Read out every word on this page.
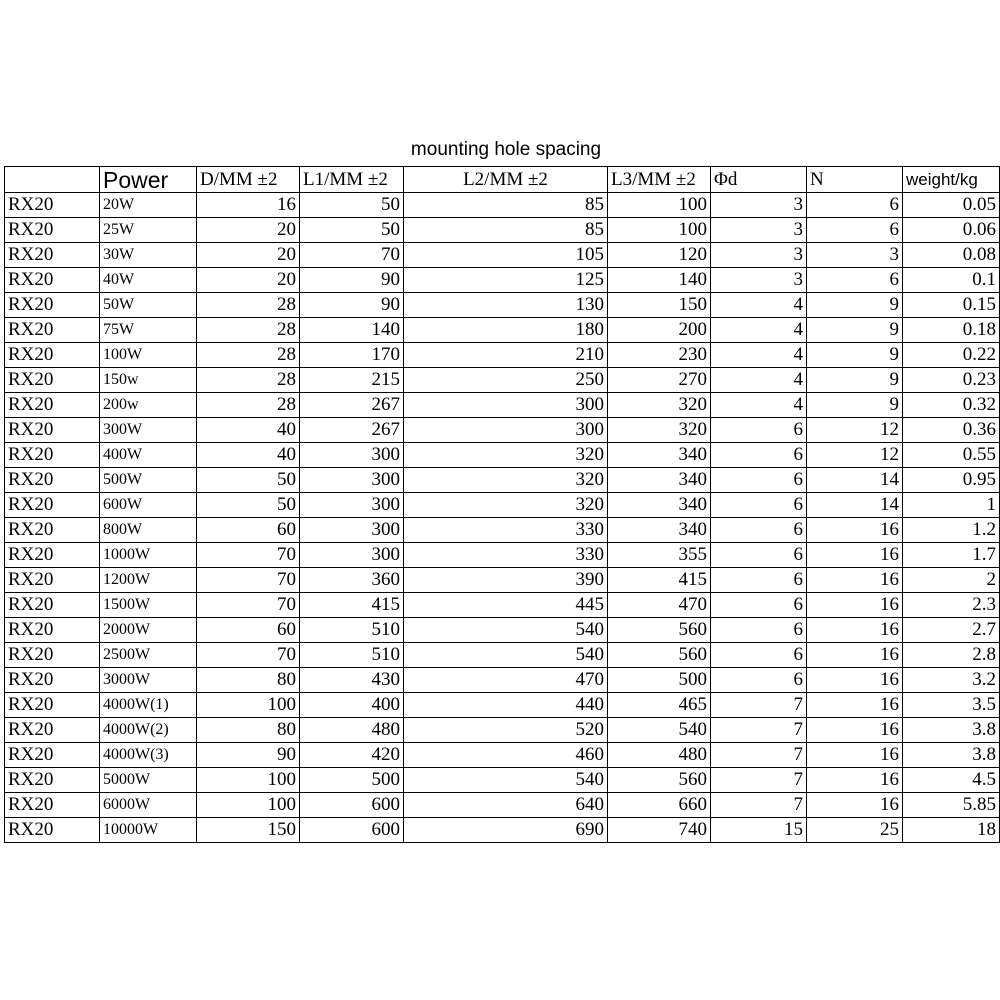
mounting hole spacing
	Power	D/MM ±2	L1/MM ±2	L2/MM ±2	L3/MM ±2	Φd	N	weight/kg
RX20	20W	16	50	85	100	3	6	0.05
RX20	25W	20	50	85	100	3	6	0.06
RX20	30W	20	70	105	120	3	3	0.08
RX20	40W	20	90	125	140	3	6	0.1
RX20	50W	28	90	130	150	4	9	0.15
RX20	75W	28	140	180	200	4	9	0.18
RX20	100W	28	170	210	230	4	9	0.22
RX20	150w	28	215	250	270	4	9	0.23
RX20	200w	28	267	300	320	4	9	0.32
RX20	300W	40	267	300	320	6	12	0.36
RX20	400W	40	300	320	340	6	12	0.55
RX20	500W	50	300	320	340	6	14	0.95
RX20	600W	50	300	320	340	6	14	1
RX20	800W	60	300	330	340	6	16	1.2
RX20	1000W	70	300	330	355	6	16	1.7
RX20	1200W	70	360	390	415	6	16	2
RX20	1500W	70	415	445	470	6	16	2.3
RX20	2000W	60	510	540	560	6	16	2.7
RX20	2500W	70	510	540	560	6	16	2.8
RX20	3000W	80	430	470	500	6	16	3.2
RX20	4000W(1)	100	400	440	465	7	16	3.5
RX20	4000W(2)	80	480	520	540	7	16	3.8
RX20	4000W(3)	90	420	460	480	7	16	3.8
RX20	5000W	100	500	540	560	7	16	4.5
RX20	6000W	100	600	640	660	7	16	5.85
RX20	10000W	150	600	690	740	15	25	18
